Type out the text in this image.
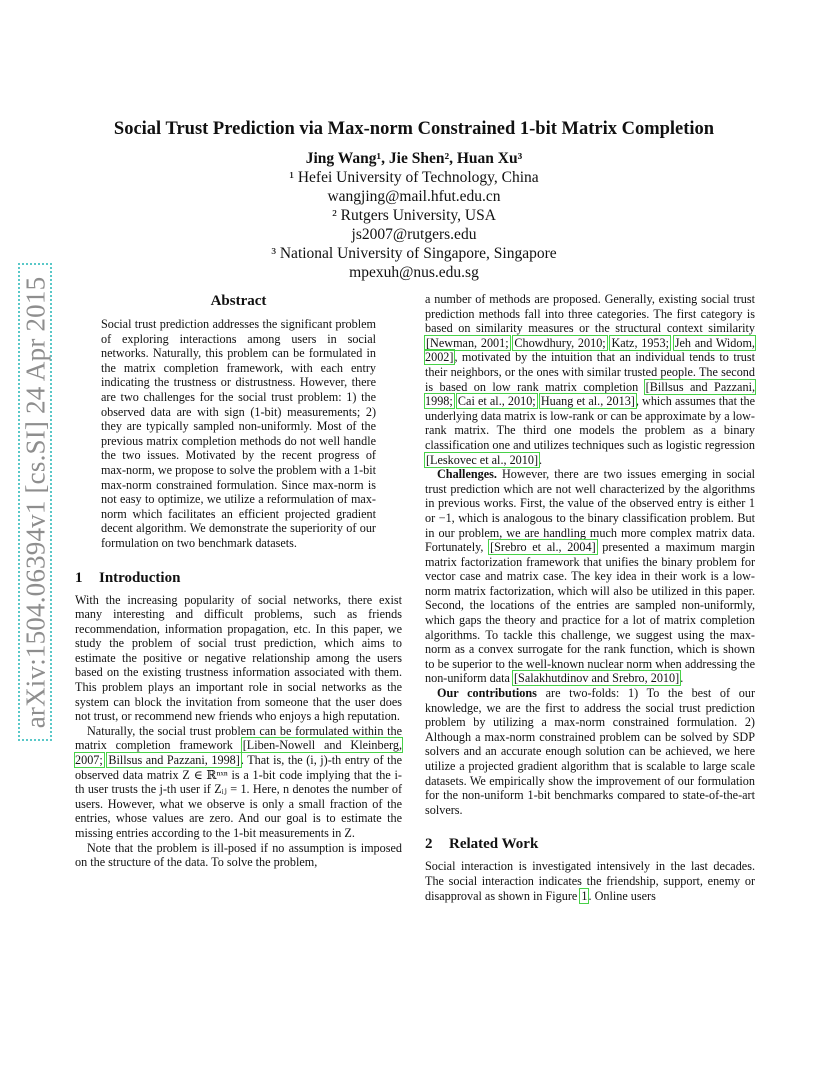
arXiv:1504.06394v1 [cs.SI] 24 Apr 2015
Social Trust Prediction via Max-norm Constrained 1-bit Matrix Completion
Jing Wang¹, Jie Shen², Huan Xu³
¹ Hefei University of Technology, China
wangjing@mail.hfut.edu.cn
² Rutgers University, USA
js2007@rutgers.edu
³ National University of Singapore, Singapore
mpexuh@nus.edu.sg
Abstract

Social trust prediction addresses the significant problem of exploring interactions among users in social networks. Naturally, this problem can be formulated in the matrix completion framework, with each entry indicating the trustness or distrustness. However, there are two challenges for the social trust problem: 1) the observed data are with sign (1-bit) measurements; 2) they are typically sampled non-uniformly. Most of the previous matrix completion methods do not well handle the two issues. Motivated by the recent progress of max-norm, we propose to solve the problem with a 1-bit max-norm constrained formulation. Since max-norm is not easy to optimize, we utilize a reformulation of max-norm which facilitates an efficient projected gradient decent algorithm. We demonstrate the superiority of our formulation on two benchmark datasets.

1 Introduction

With the increasing popularity of social networks, there exist many interesting and difficult problems, such as friends recommendation, information propagation, etc. In this paper, we study the problem of social trust prediction, which aims to estimate the positive or negative relationship among the users based on the existing trustness information associated with them. This problem plays an important role in social networks as the system can block the invitation from someone that the user does not trust, or recommend new friends who enjoys a high reputation.

Naturally, the social trust problem can be formulated within the matrix completion framework [Liben-Nowell and Kleinberg, 2007; Billsus and Pazzani, 1998]. That is, the (i, j)-th entry of the observed data matrix Z ∈ ℝⁿˣⁿ is a 1-bit code implying that the i-th user trusts the j-th user if Zᵢⱼ = 1. Here, n denotes the number of users. However, what we observe is only a small fraction of the entries, whose values are zero. And our goal is to estimate the missing entries according to the 1-bit measurements in Z.

Note that the problem is ill-posed if no assumption is imposed on the structure of the data. To solve the problem,

a number of methods are proposed. Generally, existing social trust prediction methods fall into three categories. The first category is based on similarity measures or the structural context similarity [Newman, 2001; Chowdhury, 2010; Katz, 1953; Jeh and Widom, 2002], motivated by the intuition that an individual tends to trust their neighbors, or the ones with similar trusted people. The second is based on low rank matrix completion [Billsus and Pazzani, 1998; Cai et al., 2010; Huang et al., 2013], which assumes that the underlying data matrix is low-rank or can be approximate by a low-rank matrix. The third one models the problem as a binary classification one and utilizes techniques such as logistic regression [Leskovec et al., 2010].

Challenges. However, there are two issues emerging in social trust prediction which are not well characterized by the algorithms in previous works. First, the value of the observed entry is either 1 or −1, which is analogous to the binary classification problem. But in our problem, we are handling much more complex matrix data. Fortunately, [Srebro et al., 2004] presented a maximum margin matrix factorization framework that unifies the binary problem for vector case and matrix case. The key idea in their work is a low-norm matrix factorization, which will also be utilized in this paper. Second, the locations of the entries are sampled non-uniformly, which gaps the theory and practice for a lot of matrix completion algorithms. To tackle this challenge, we suggest using the max-norm as a convex surrogate for the rank function, which is shown to be superior to the well-known nuclear norm when addressing the non-uniform data [Salakhutdinov and Srebro, 2010].

Our contributions are two-folds: 1) To the best of our knowledge, we are the first to address the social trust prediction problem by utilizing a max-norm constrained formulation. 2) Although a max-norm constrained problem can be solved by SDP solvers and an accurate enough solution can be achieved, we here utilize a projected gradient algorithm that is scalable to large scale datasets. We empirically show the improvement of our formulation for the non-uniform 1-bit benchmarks compared to state-of-the-art solvers.

2 Related Work

Social interaction is investigated intensively in the last decades. The social interaction indicates the friendship, support, enemy or disapproval as shown in Figure 1. Online users
